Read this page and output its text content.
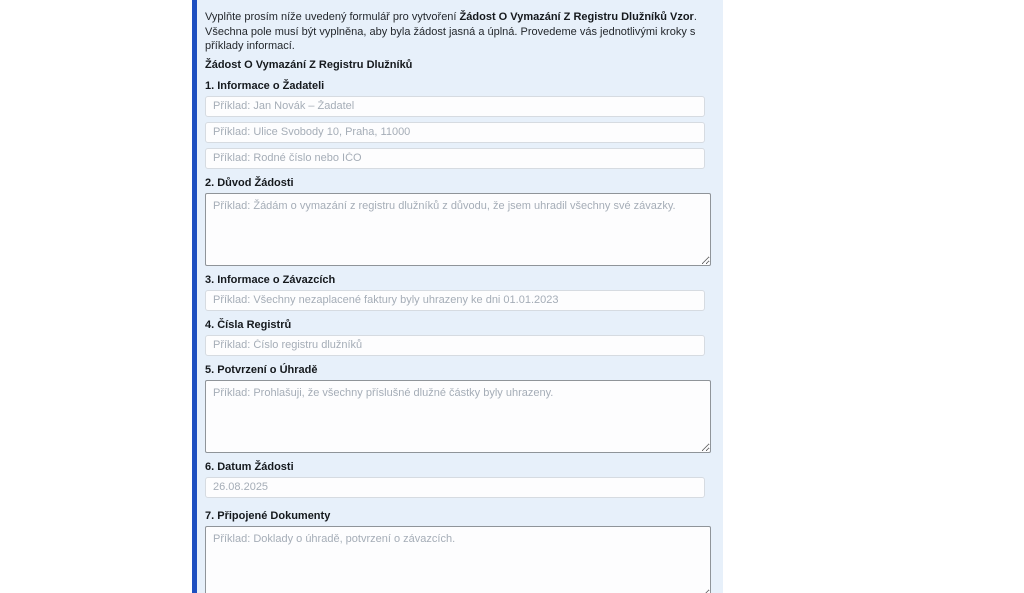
Vyplňte prosím níže uvedený formulář pro vytvoření Žádost O Vymazání Z Registru Dlužníků Vzor. Všechna pole musí být vyplněna, aby byla žádost jasná a úplná. Provedeme vás jednotlivými kroky s příklady informací.

Žádost O Vymazání Z Registru Dlužníků
1. Informace o Žadateli
Příklad: Jan Novák – Žadatel
Příklad: Ulice Svobody 10, Praha, 11000
Příklad: Rodné číslo nebo IČO
2. Důvod Žádosti
Příklad: Žádám o vymazání z registru dlužníků z důvodu, že jsem uhradil všechny své závazky.
3. Informace o Závazcích
Příklad: Všechny nezaplacené faktury byly uhrazeny ke dni 01.01.2023
4. Čísla Registrů
Příklad: Číslo registru dlužníků
5. Potvrzení o Úhradě
Příklad: Prohlašuji, že všechny příslušné dlužné částky byly uhrazeny.
6. Datum Žádosti
26.08.2025
7. Připojené Dokumenty
Příklad: Doklady o úhradě, potvrzení o závazcích.
